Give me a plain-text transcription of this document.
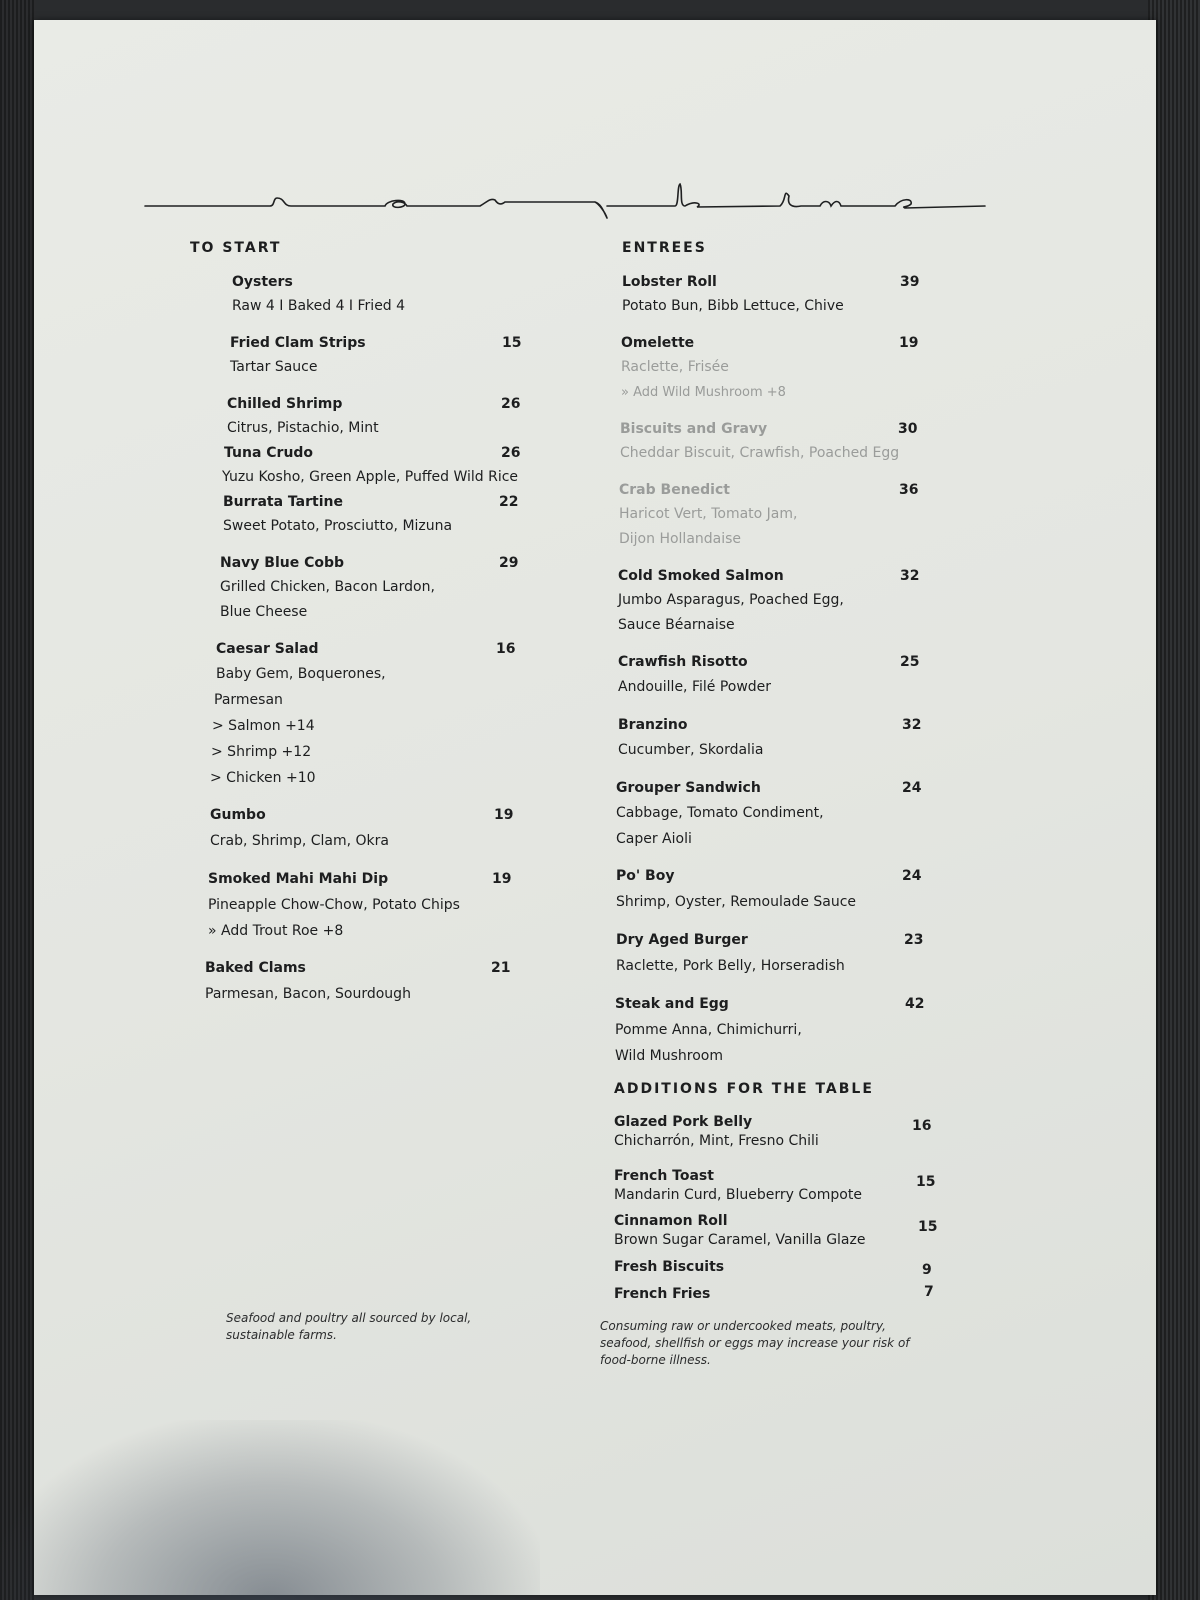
TO START
Oysters
Raw 4 I Baked 4 I Fried 4
Fried Clam Strips	15
Tartar Sauce
Chilled Shrimp	26
Citrus, Pistachio, Mint
Tuna Crudo	26
Yuzu Kosho, Green Apple, Puffed Wild Rice
Burrata Tartine	22
Sweet Potato, Prosciutto, Mizuna
Navy Blue Cobb	29
Grilled Chicken, Bacon Lardon,
Blue Cheese
Caesar Salad	16
Baby Gem, Boquerones,
Parmesan
> Salmon +14
> Shrimp +12
> Chicken +10
Gumbo	19
Crab, Shrimp, Clam, Okra
Smoked Mahi Mahi Dip	19
Pineapple Chow-Chow, Potato Chips
» Add Trout Roe +8
Baked Clams	21
Parmesan, Bacon, Sourdough
ENTREES
Lobster Roll	39
Potato Bun, Bibb Lettuce, Chive
Omelette	19
Raclette, Frisée
» Add Wild Mushroom +8
Biscuits and Gravy	30
Cheddar Biscuit, Crawfish, Poached Egg
Crab Benedict	36
Haricot Vert, Tomato Jam,
Dijon Hollandaise
Cold Smoked Salmon	32
Jumbo Asparagus, Poached Egg,
Sauce Béarnaise
Crawfish Risotto	25
Andouille, Filé Powder
Branzino	32
Cucumber, Skordalia
Grouper Sandwich	24
Cabbage, Tomato Condiment,
Caper Aioli
Po' Boy	24
Shrimp, Oyster, Remoulade Sauce
Dry Aged Burger	23
Raclette, Pork Belly, Horseradish
Steak and Egg	42
Pomme Anna, Chimichurri,
Wild Mushroom
ADDITIONS FOR THE TABLE
Glazed Pork Belly	16
Chicharrón, Mint, Fresno Chili
French Toast	15
Mandarin Curd, Blueberry Compote
Cinnamon Roll	15
Brown Sugar Caramel, Vanilla Glaze
Fresh Biscuits	9
French Fries	7
Seafood and poultry all sourced by local, sustainable farms.
Consuming raw or undercooked meats, poultry, seafood, shellfish or eggs may increase your risk of food-borne illness.
